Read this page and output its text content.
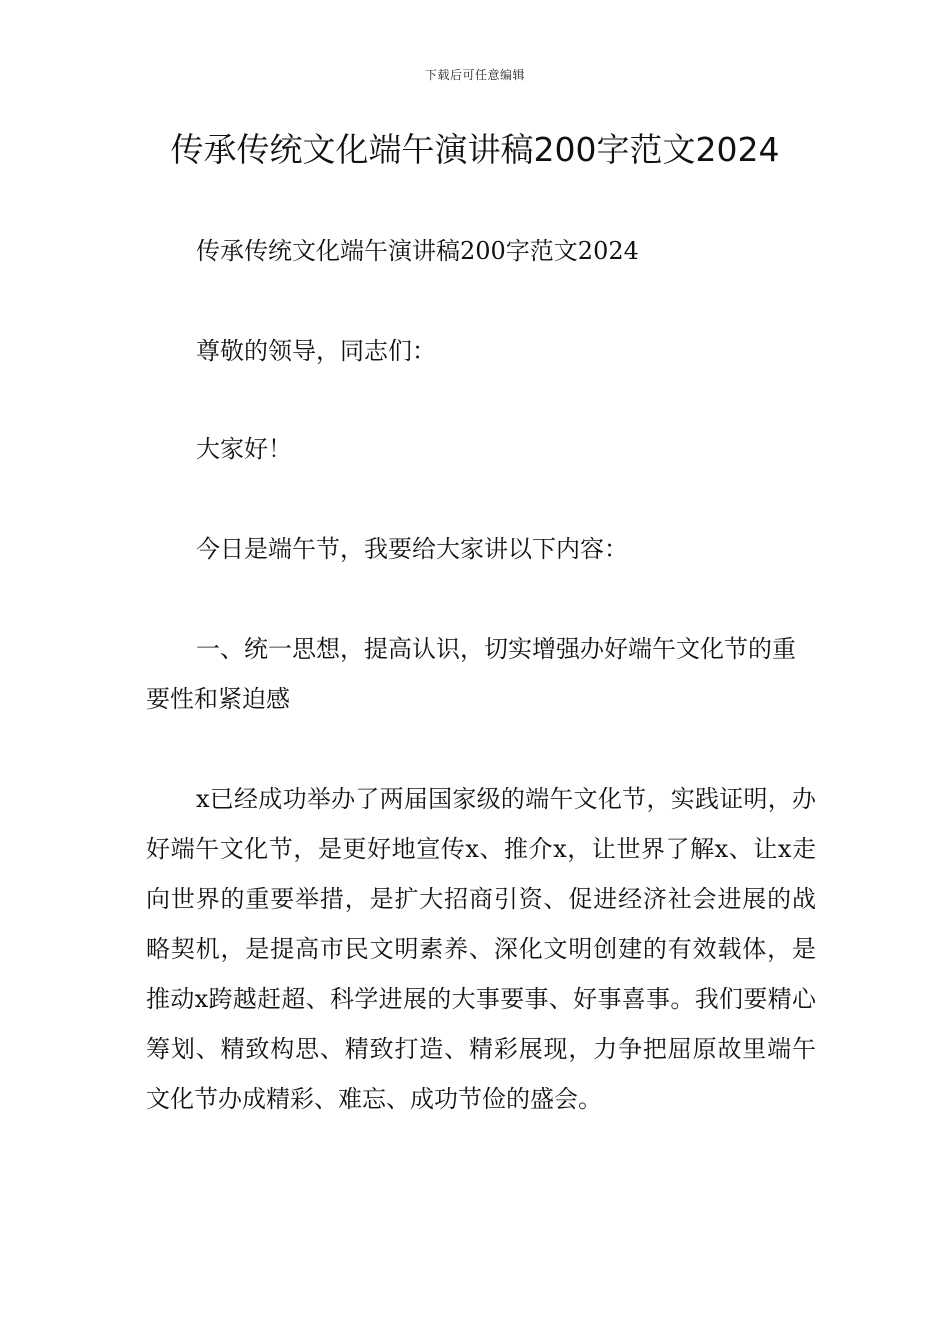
下载后可任意编辑
传承传统文化端午演讲稿200字范文2024

传承传统文化端午演讲稿200字范文2024

尊敬的领导，同志们：

大家好！

今日是端午节，我要给大家讲以下内容：

一、统一思想，提高认识，切实增强办好端午文化节的重要性和紧迫感

x已经成功举办了两届国家级的端午文化节，实践证明，办好端午文化节，是更好地宣传x、推介x，让世界了解x、让x走向世界的重要举措，是扩大招商引资、促进经济社会进展的战略契机，是提高市民文明素养、深化文明创建的有效载体，是推动x跨越赶超、科学进展的大事要事、好事喜事。我们要精心筹划、精致构思、精致打造、精彩展现，力争把屈原故里端午文化节办成精彩、难忘、成功节俭的盛会。
